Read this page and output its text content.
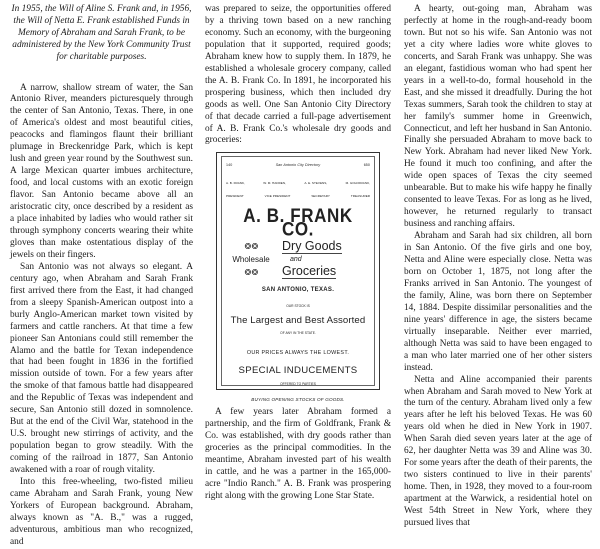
In 1955, the Will of Aline S. Frank and, in 1956, the Will of Netta E. Frank established Funds in Memory of Abraham and Sarah Frank, to be administered by the New York Community Trust for charitable purposes.

A narrow, shallow stream of water, the San Antonio River, meanders picturesquely through the center of San Antonio, Texas. There, in one of America's oldest and most beautiful cities, peacocks and flamingos flaunt their brilliant plumage in Breckenridge Park, which is kept lush and green year round by the Southwest sun. A large Mexican quarter imbues architecture, food, and local customs with an exotic foreign flavor. San Antonio became above all an aristocratic city, once described by a resident as a place inhabited by ladies who would rather sit through symphony concerts wearing their white gloves than make ostentatious display of the jewels on their fingers.

San Antonio was not always so elegant. A century ago, when Abraham and Sarah Frank first arrived there from the East, it had changed from a sleepy Spanish-American outpost into a burly Anglo-American market town visited by farmers and cattle ranchers. At that time a few pioneer San Antonians could still remember the Alamo and the battle for Texan independence that had been fought in 1836 in the fortified mission outside of town. For a few years after the smoke of that famous battle had disappeared and the Republic of Texas was independent and secure, San Antonio still dozed in somnolence. But at the end of the Civil War, statehood in the U.S. brought new stirrings of activity, and the population began to grow steadily. With the coming of the railroad in 1877, San Antonio awakened with a roar of rough vitality.

Into this free-wheeling, two-fisted milieu came Abraham and Sarah Frank, young New Yorkers of European background. Abraham, always known as "A. B.," was a rugged, adventurous, ambitious man who recognized, and

was prepared to seize, the opportunities offered by a thriving town based on a new ranching economy. Such an economy, with the burgeoning population that it supported, required goods; Abraham knew how to supply them. In 1879, he established a wholesale grocery company, called the A. B. Frank Co. In 1891, he incorporated his prospering business, which then included dry goods as well. One San Antonio City Directory of that decade carried a full-page advertisement of A. B. Frank Co.'s wholesale dry goods and groceries:

140	San Antonio City Directory	650
A. B. FRANK,	W. M. HADDEN,	A. E. STEVENS,	M. GOLDFRANK,
PRESIDENT	VICE PRESIDENT	SECRETARY	TREASURER
A. B. FRANK CO.
❂ ❂
Wholesale
❂ ❂
Dry Goods
and
Groceries
SAN ANTONIO, TEXAS.
OUR STOCK IS
The Largest and Best Assorted
OF ANY IN THE STATE.
OUR PRICES ALWAYS THE LOWEST.
SPECIAL INDUCEMENTS
OFFERED TO PARTIES
BUYING OPENING STOCKS OF GOODS.

A few years later Abraham formed a partnership, and the firm of Goldfrank, Frank & Co. was established, with dry goods rather than groceries as the principal commodities. In the meantime, Abraham invested part of his wealth in cattle, and he was a partner in the 165,000-acre "Indio Ranch." A. B. Frank was prospering right along with the growing Lone Star State.

A hearty, out-going man, Abraham was perfectly at home in the rough-and-ready boom town. But not so his wife. San Antonio was not yet a city where ladies wore white gloves to concerts, and Sarah Frank was unhappy. She was an elegant, fastidious woman who had spent her years in a well-to-do, formal household in the East, and she missed it dreadfully. During the hot Texas summers, Sarah took the children to stay at her family's summer home in Greenwich, Connecticut, and left her husband in San Antonio. Finally she persuaded Abraham to move back to New York. Abraham had never liked New York. He found it much too confining, and after the wide open spaces of Texas the city seemed unbearable. But to make his wife happy he finally consented to leave Texas. For as long as he lived, however, he returned regularly to transact business and ranching affairs.

Abraham and Sarah had six children, all born in San Antonio. Of the five girls and one boy, Netta and Aline were especially close. Netta was born on October 1, 1875, not long after the Franks arrived in San Antonio. The youngest of the family, Aline, was born there on September 14, 1884. Despite dissimilar personalities and the nine years' difference in age, the sisters became virtually inseparable. Neither ever married, although Netta was said to have been engaged to a man who later married one of her other sisters instead.

Netta and Aline accompanied their parents when Abraham and Sarah moved to New York at the turn of the century. Abraham lived only a few years after he left his beloved Texas. He was 60 years old when he died in New York in 1907. When Sarah died seven years later at the age of 62, her daughter Netta was 39 and Aline was 30. For some years after the death of their parents, the two sisters continued to live in their parents' home. Then, in 1928, they moved to a four-room apartment at the Warwick, a residential hotel on West 54th Street in New York, where they pursued lives that
